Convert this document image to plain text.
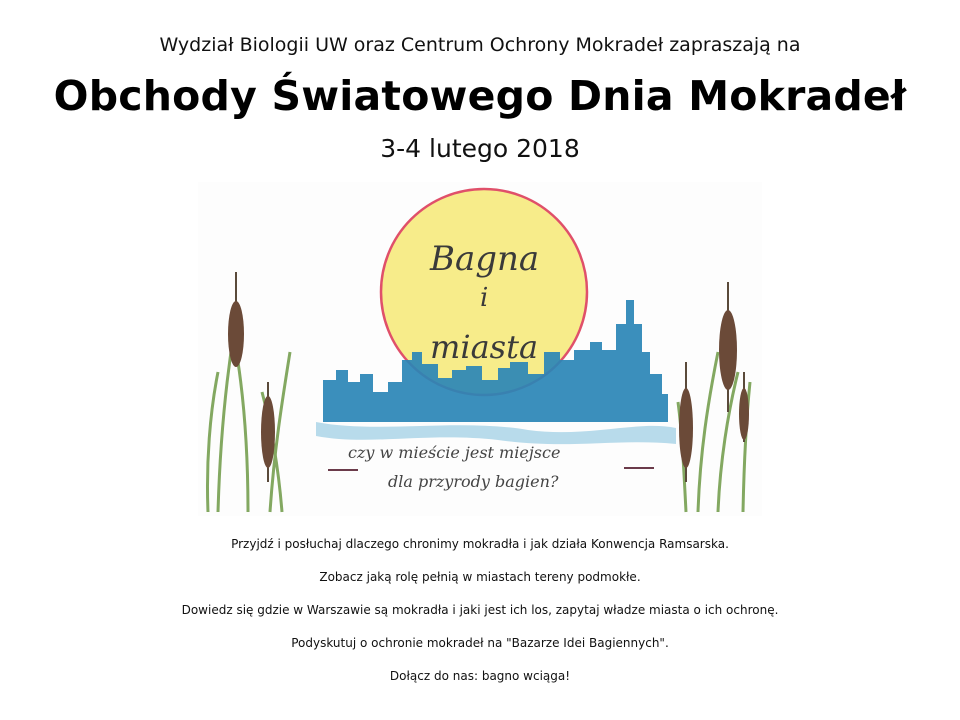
Wydział Biologii UW oraz Centrum Ochrony Mokradeł zapraszają na
Obchody Światowego Dnia Mokradeł
3-4 lutego 2018
Bagna
i
miasta
czy w mieście jest miejsce
dla przyrody bagien?

Przyjdź i posłuchaj dlaczego chronimy mokradła i jak działa Konwencja Ramsarska.

Zobacz jaką rolę pełnią w miastach tereny podmokłe.

Dowiedz się gdzie w Warszawie są mokradła i jaki jest ich los, zapytaj władze miasta o ich ochronę.

Podyskutuj o ochronie mokradeł na "Bazarze Idei Bagiennych".

Dołącz do nas: bagno wciąga!
